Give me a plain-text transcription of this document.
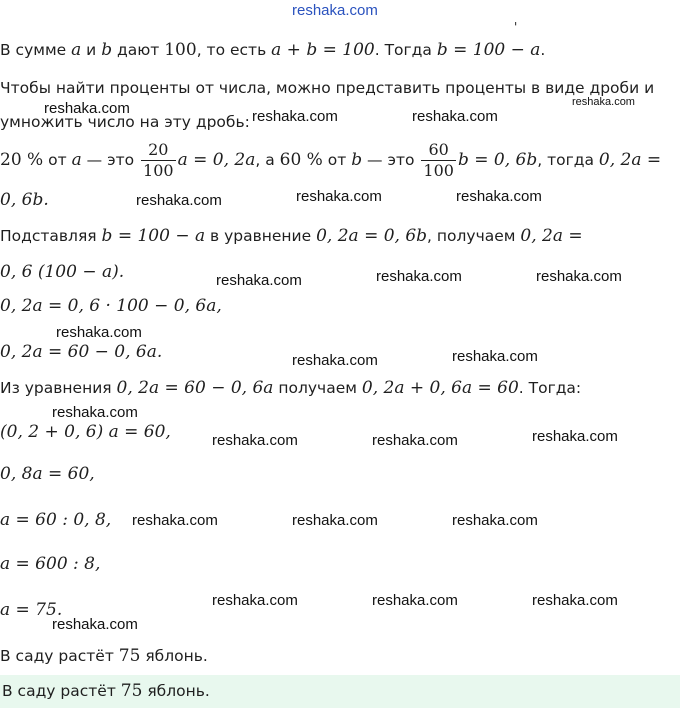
reshaka.com
'
В сумме a и b дают 100, то есть a + b = 100. Тогда b = 100 − a.
Чтобы найти проценты от числа, можно представить проценты в виде дроби и
умножить число на эту дробь:
20 % от a — это $\frac{20}{100}$ a = 0, 2a, а 60 % от b — это $\frac{60}{100}$ b = 0, 6b, тогда 0, 2a =
0, 6b.
Подставляя b = 100 − a в уравнение 0, 2a = 0, 6b, получаем 0, 2a =
0, 6 (100 − a).
0, 2a = 0, 6 · 100 − 0, 6a,
0, 2a = 60 − 0, 6a.
Из уравнения 0, 2a = 60 − 0, 6a получаем 0, 2a + 0, 6a = 60. Тогда:
(0, 2 + 0, 6) a = 60,
0, 8a = 60,
a = 60 : 0, 8,
a = 600 : 8,
a = 75.
В саду растёт 75 яблонь.
В саду растёт 75 яблонь.
reshaka.com	reshaka.com	reshaka.com
reshaka.com
reshaka.com	reshaka.com	reshaka.com
reshaka.com	reshaka.com	reshaka.com
reshaka.com
reshaka.com	reshaka.com
reshaka.com
reshaka.com	reshaka.com	reshaka.com
reshaka.com	reshaka.com	reshaka.com
reshaka.com	reshaka.com	reshaka.com
reshaka.com
